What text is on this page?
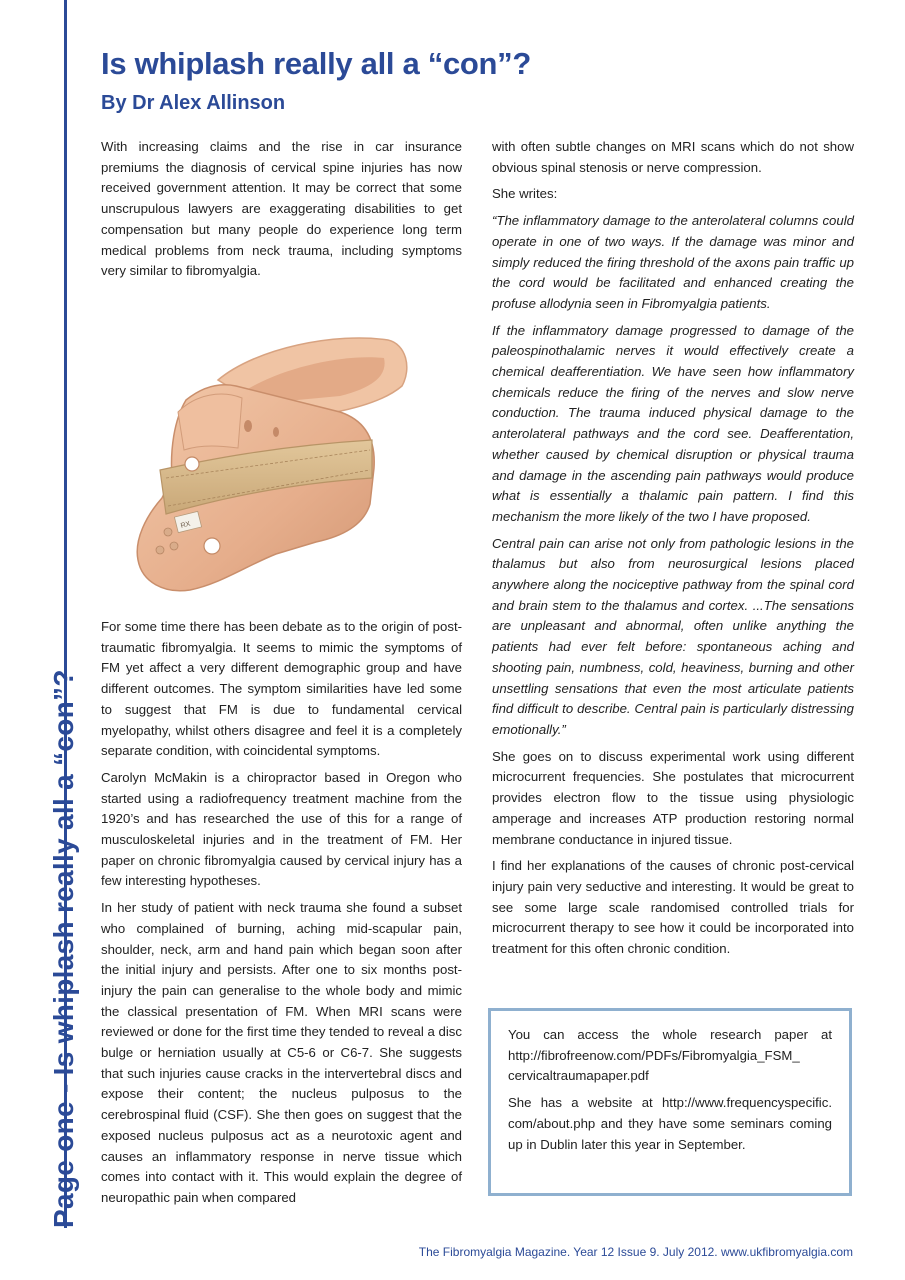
Page one - Is whiplash really all a “con”?
Is whiplash really all a “con”?
By Dr Alex Allinson

With increasing claims and the rise in car insurance premiums the diagnosis of cervical spine injuries has now received government attention. It may be correct that some unscrupulous lawyers are exaggerating disabilities to get compensation but many people do experience long term medical problems from neck trauma, including symptoms very similar to fibromyalgia.

RX

For some time there has been debate as to the origin of post-traumatic fibromyalgia. It seems to mimic the symptoms of FM yet affect a very different demographic group and have different outcomes. The symptom similarities have led some to suggest that FM is due to fundamental cervical myelopathy, whilst others disagree and feel it is a completely separate condition, with coincidental symptoms.

Carolyn McMakin is a chiropractor based in Oregon who started using a radiofrequency treatment machine from the 1920’s and has researched the use of this for a range of musculoskeletal injuries and in the treatment of FM. Her paper on chronic fibromyalgia caused by cervical injury has a few interesting hypotheses.

In her study of patient with neck trauma she found a subset who complained of burning, aching mid-scapular pain, shoulder, neck, arm and hand pain which began soon after the initial injury and persists. After one to six months post-injury the pain can generalise to the whole body and mimic the classical presentation of FM. When MRI scans were reviewed or done for the first time they tended to reveal a disc bulge or herniation usually at C5-6 or C6-7. She suggests that such injuries cause cracks in the intervertebral discs and expose their content; the nucleus pulposus to the cerebrospinal fluid (CSF). She then goes on suggest that the exposed nucleus pulposus act as a neurotoxic agent and causes an inflammatory response in nerve tissue which comes into contact with it. This would explain the degree of neuropathic pain when compared

with often subtle changes on MRI scans which do not show obvious spinal stenosis or nerve compression.

She writes:

“The inflammatory damage to the anterolateral columns could operate in one of two ways. If the damage was minor and simply reduced the firing threshold of the axons pain traffic up the cord would be facilitated and enhanced creating the profuse allodynia seen in Fibromyalgia patients.

If the inflammatory damage progressed to damage of the paleospinothalamic nerves it would effectively create a chemical deafferentiation. We have seen how inflammatory chemicals reduce the firing of the nerves and slow nerve conduction. The trauma induced physical damage to the anterolateral pathways and the cord see. Deafferentation, whether caused by chemical disruption or physical trauma and damage in the ascending pain pathways would produce what is essentially a thalamic pain pattern. I find this mechanism the more likely of the two I have proposed.

Central pain can arise not only from pathologic lesions in the thalamus but also from neurosurgical lesions placed anywhere along the nociceptive pathway from the spinal cord and brain stem to the thalamus and cortex. ...The sensations are unpleasant and abnormal, often unlike anything the patients had ever felt before: spontaneous aching and shooting pain, numbness, cold, heaviness, burning and other unsettling sensations that even the most articulate patients find difficult to describe. Central pain is particularly distressing emotionally.”

She goes on to discuss experimental work using different microcurrent frequencies. She postulates that microcurrent provides electron flow to the tissue using physiologic amperage and increases ATP production restoring normal membrane conductance in injured tissue.

I find her explanations of the causes of chronic post-cervical injury pain very seductive and interesting. It would be great to see some large scale randomised controlled trials for microcurrent therapy to see how it could be incorporated into treatment for this often chronic condition.

You can access the whole research paper at http://fibrofreenow.com/PDFs/Fibromyalgia_FSM_ cervicaltraumapaper.pdf

She has a website at http://www.frequencyspecific. com/about.php and they have some seminars coming up in Dublin later this year in September.

The Fibromyalgia Magazine. Year 12 Issue 9. July 2012. www.ukfibromyalgia.com
